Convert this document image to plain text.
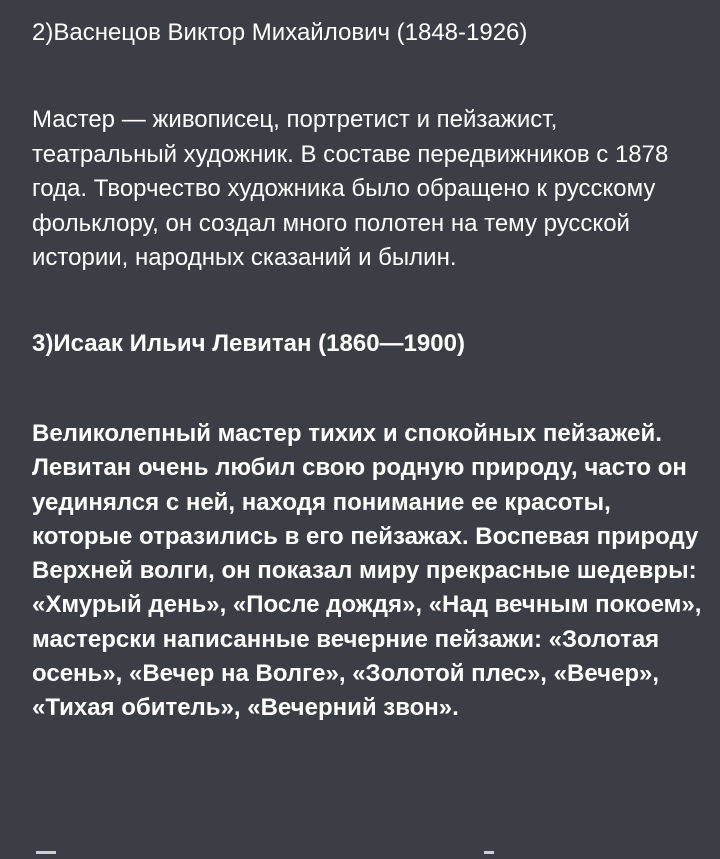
2)Васнецов Виктор Михайлович (1848-1926)
Мастер — живописец, портретист и пейзажист, театральный художник. В составе передвижников с 1878 года. Творчество художника было обращено к русскому фольклору, он создал много полотен на тему русской истории, народных сказаний и былин.
3)Исаак Ильич Левитан (1860—1900)
Великолепный мастер тихих и спокойных пейзажей. Левитан очень любил свою родную природу, часто он уединялся с ней, находя понимание ее красоты, которые отразились в его пейзажах. Воспевая природу Верхней волги, он показал миру прекрасные шедевры: «Хмурый день», «После дождя», «Над вечным покоем», мастерски написанные вечерние пейзажи: «Золотая осень», «Вечер на Волге», «Золотой плес», «Вечер», «Тихая обитель», «Вечерний звон».
